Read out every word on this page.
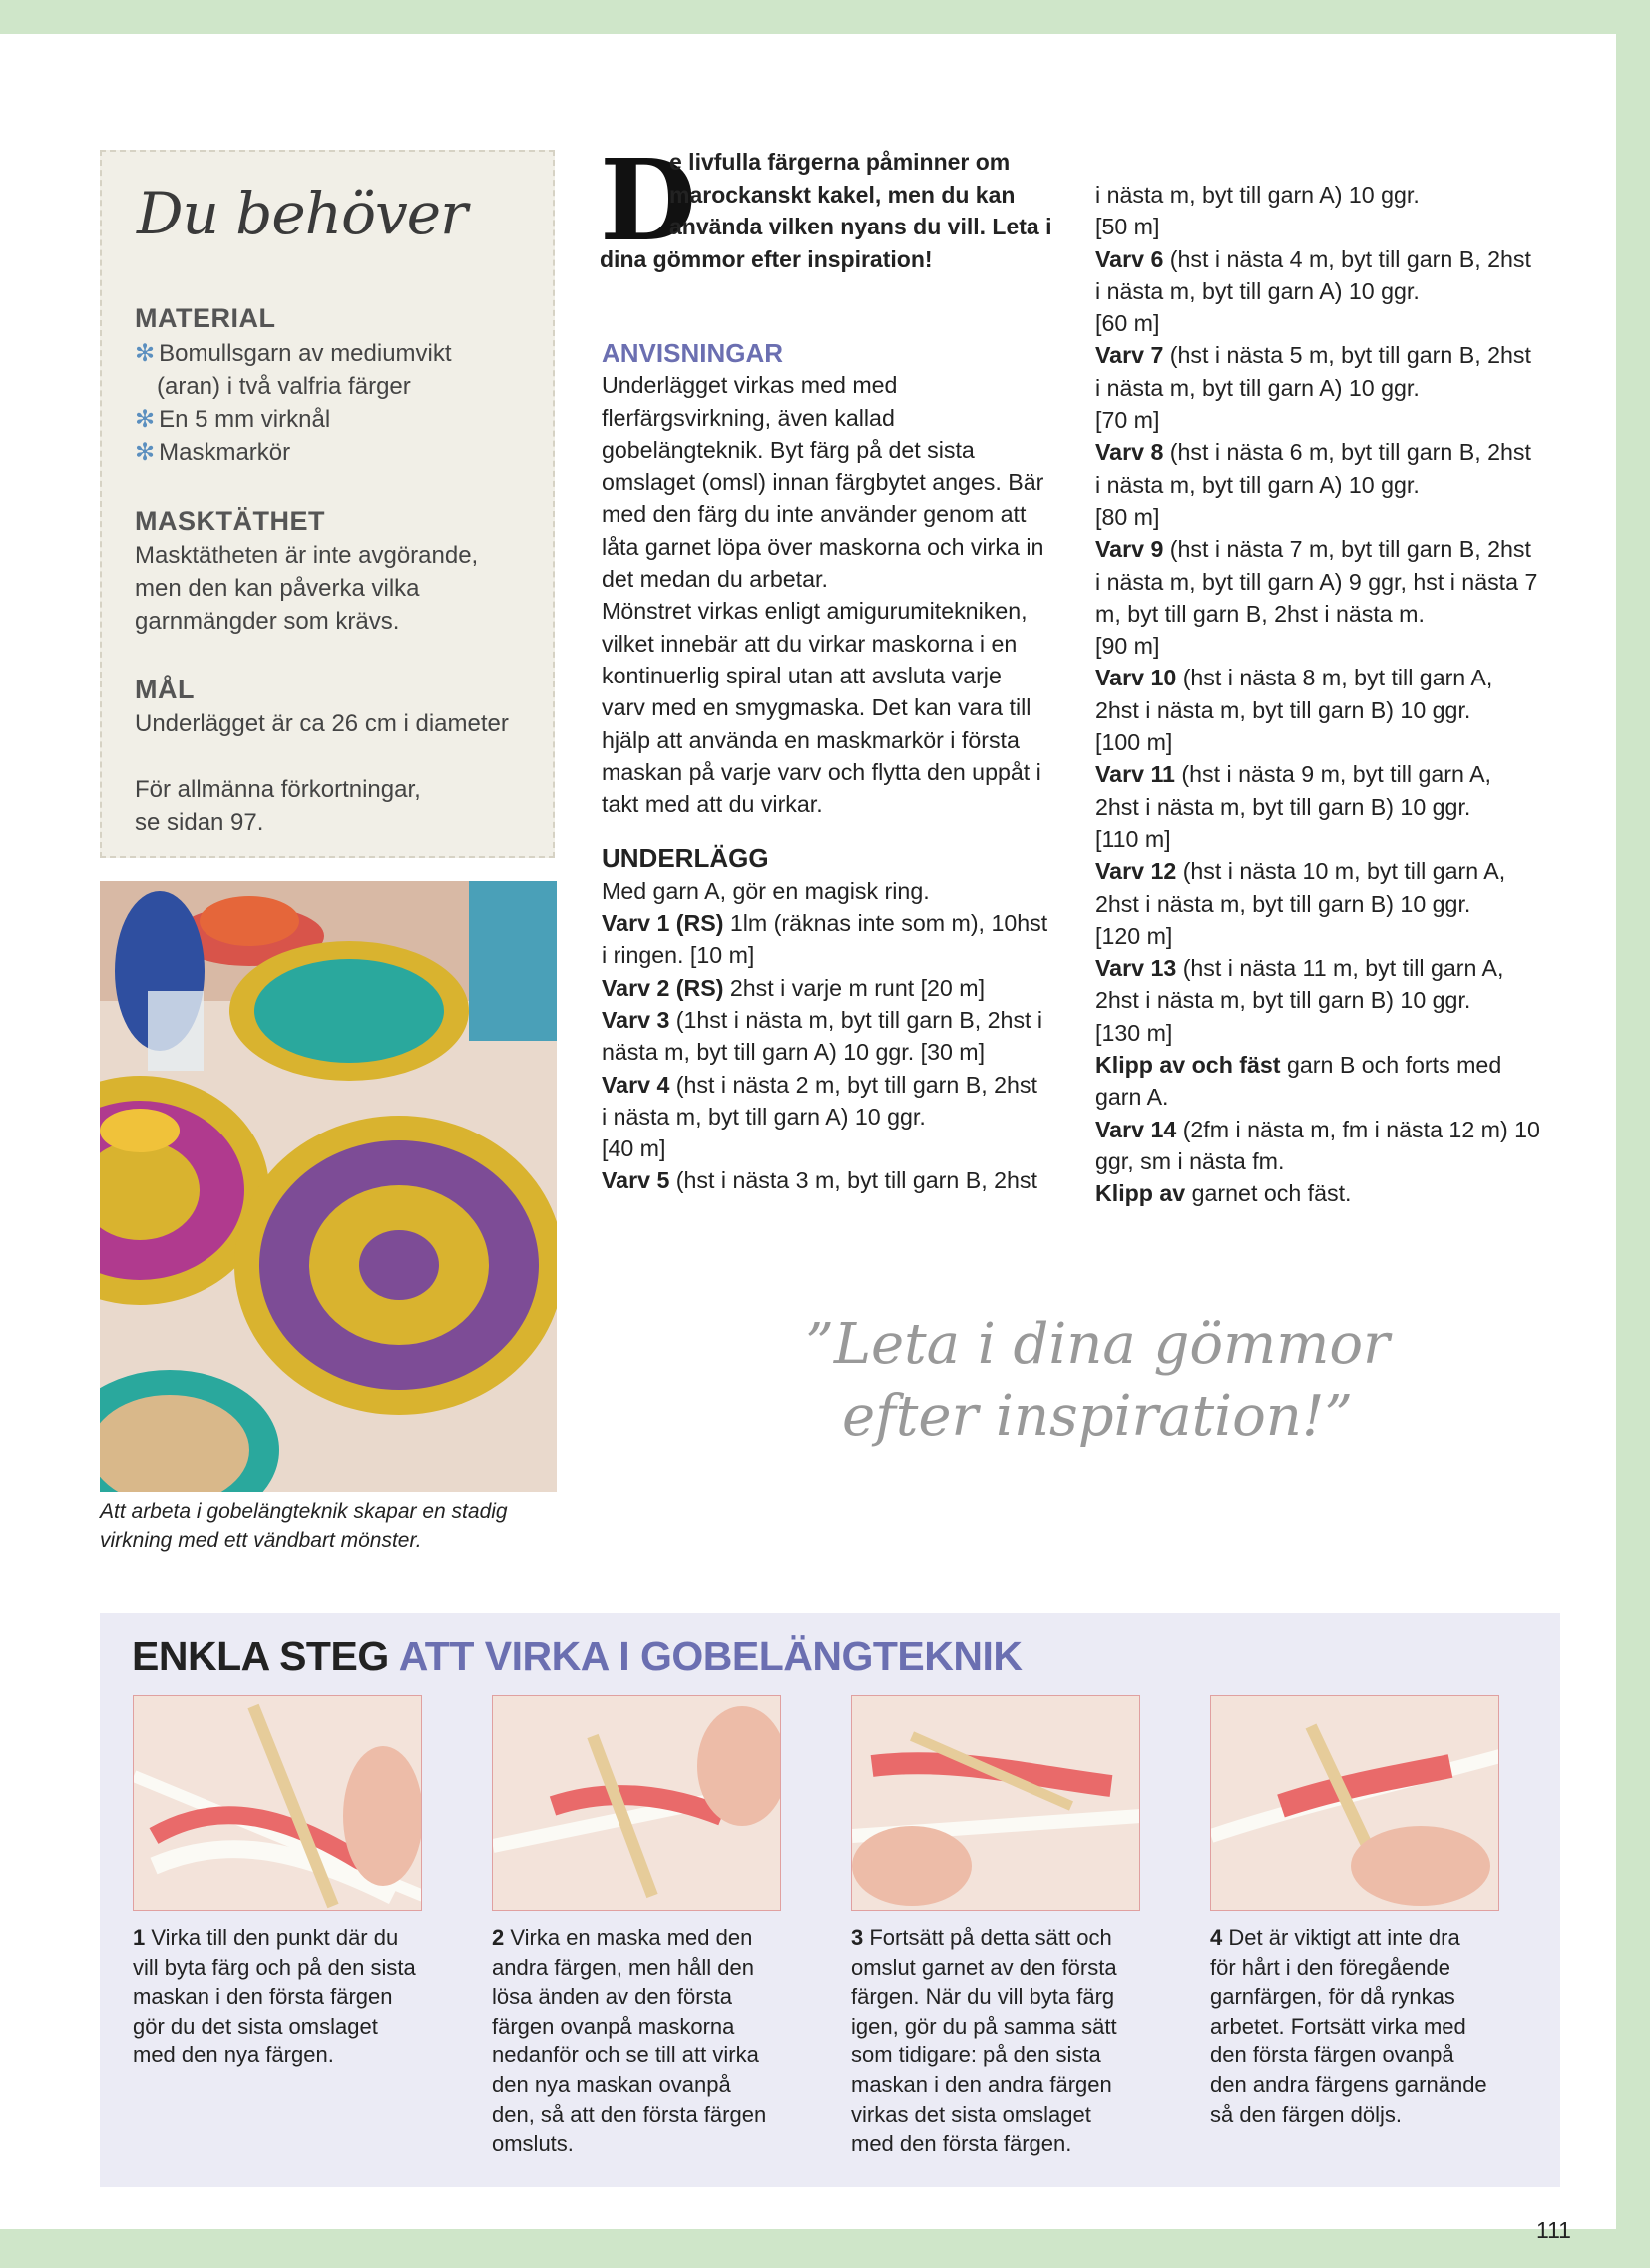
Du behöver
MATERIAL
✻ Bomullsgarn av mediumvikt
(aran) i två valfria färger
✻ En 5 mm virknål
✻ Maskmarkör
MASKTÄTHET
Masktätheten är inte avgörande,
men den kan påverka vilka
garnmängder som krävs.
MÅL
Underlägget är ca 26 cm i diameter
För allmänna förkortningar,
se sidan 97.
Att arbeta i gobelängteknik skapar en stadig
virkning med ett vändbart mönster.
D
e livfulla färgerna påminner om
marockanskt kakel, men du kan
använda vilken nyans du vill. Leta i
dina gömmor efter inspiration!

ANVISNINGAR

Underlägget virkas med med
flerfärgsvirkning, även kallad
gobelängteknik. Byt färg på det sista
omslaget (omsl) innan färgbytet anges. Bär
med den färg du inte använder genom att
låta garnet löpa över maskorna och virka in
det medan du arbetar.
Mönstret virkas enligt amigurumitekniken,
vilket innebär att du virkar maskorna i en
kontinuerlig spiral utan att avsluta varje
varv med en smygmaska. Det kan vara till
hjälp att använda en maskmarkör i första
maskan på varje varv och flytta den uppåt i
takt med att du virkar.

UNDERLÄGG

Med garn A, gör en magisk ring.
Varv 1 (RS) 1lm (räknas inte som m), 10hst
i ringen. [10 m]
Varv 2 (RS) 2hst i varje m runt [20 m]
Varv 3 (1hst i nästa m, byt till garn B, 2hst i
nästa m, byt till garn A) 10 ggr. [30 m]
Varv 4 (hst i nästa 2 m, byt till garn B, 2hst
i nästa m, byt till garn A) 10 ggr.
[40 m]
Varv 5 (hst i nästa 3 m, byt till garn B, 2hst
i nästa m, byt till garn A) 10 ggr.
[50 m]
Varv 6 (hst i nästa 4 m, byt till garn B, 2hst
i nästa m, byt till garn A) 10 ggr.
[60 m]
Varv 7 (hst i nästa 5 m, byt till garn B, 2hst
i nästa m, byt till garn A) 10 ggr.
[70 m]
Varv 8 (hst i nästa 6 m, byt till garn B, 2hst
i nästa m, byt till garn A) 10 ggr.
[80 m]
Varv 9 (hst i nästa 7 m, byt till garn B, 2hst
i nästa m, byt till garn A) 9 ggr, hst i nästa 7
m, byt till garn B, 2hst i nästa m.
[90 m]
Varv 10 (hst i nästa 8 m, byt till garn A,
2hst i nästa m, byt till garn B) 10 ggr.
[100 m]
Varv 11 (hst i nästa 9 m, byt till garn A,
2hst i nästa m, byt till garn B) 10 ggr.
[110 m]
Varv 12 (hst i nästa 10 m, byt till garn A,
2hst i nästa m, byt till garn B) 10 ggr.
[120 m]
Varv 13 (hst i nästa 11 m, byt till garn A,
2hst i nästa m, byt till garn B) 10 ggr.
[130 m]
Klipp av och fäst garn B och forts med
garn A.
Varv 14 (2fm i nästa m, fm i nästa 12 m) 10
ggr, sm i nästa fm.
Klipp av garnet och fäst.
”Leta i dina gömmor
efter inspiration!”
ENKLA STEG ATT VIRKA I GOBELÄNGTEKNIK
1 Virka till den punkt där du
vill byta färg och på den sista
maskan i den första färgen
gör du det sista omslaget
med den nya färgen.
2 Virka en maska med den
andra färgen, men håll den
lösa änden av den första
färgen ovanpå maskorna
nedanför och se till att virka
den nya maskan ovanpå
den, så att den första färgen
omsluts.
3 Fortsätt på detta sätt och
omslut garnet av den första
färgen. När du vill byta färg
igen, gör du på samma sätt
som tidigare: på den sista
maskan i den andra färgen
virkas det sista omslaget
med den första färgen.
4 Det är viktigt att inte dra
för hårt i den föregående
garnfärgen, för då rynkas
arbetet. Fortsätt virka med
den första färgen ovanpå
den andra färgens garnände
så den färgen döljs.
111
